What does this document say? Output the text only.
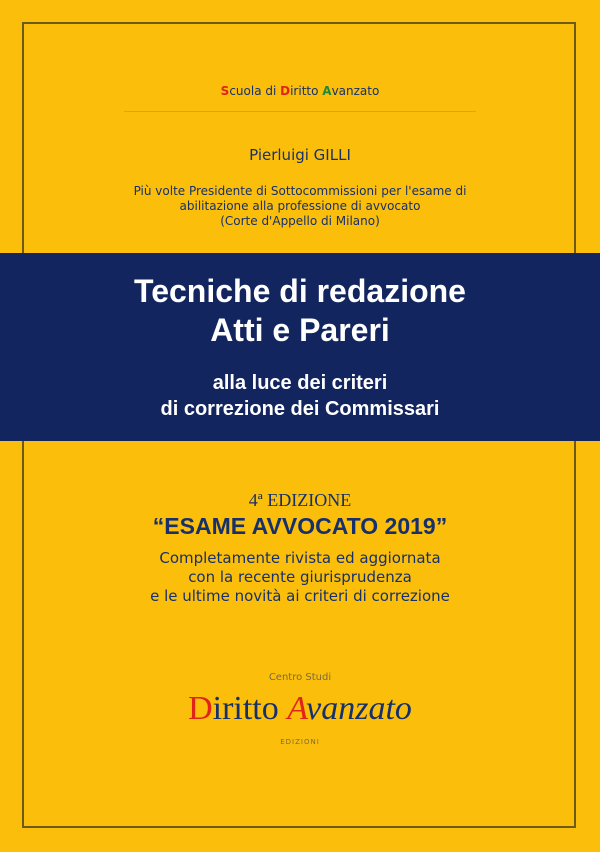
Scuola di Diritto Avanzato
Pierluigi GILLI
Più volte Presidente di Sottocommissioni per l'esame di
abilitazione alla professione di avvocato
(Corte d'Appello di Milano)
Tecniche di redazione
Atti e Pareri
alla luce dei criteri
di correzione dei Commissari
4ª EDIZIONE
“ESAME AVVOCATO 2019”
Completamente rivista ed aggiornata
con la recente giurisprudenza
e le ultime novità ai criteri di correzione
Centro Studi
Diritto Avanzato
EDIZIONI
